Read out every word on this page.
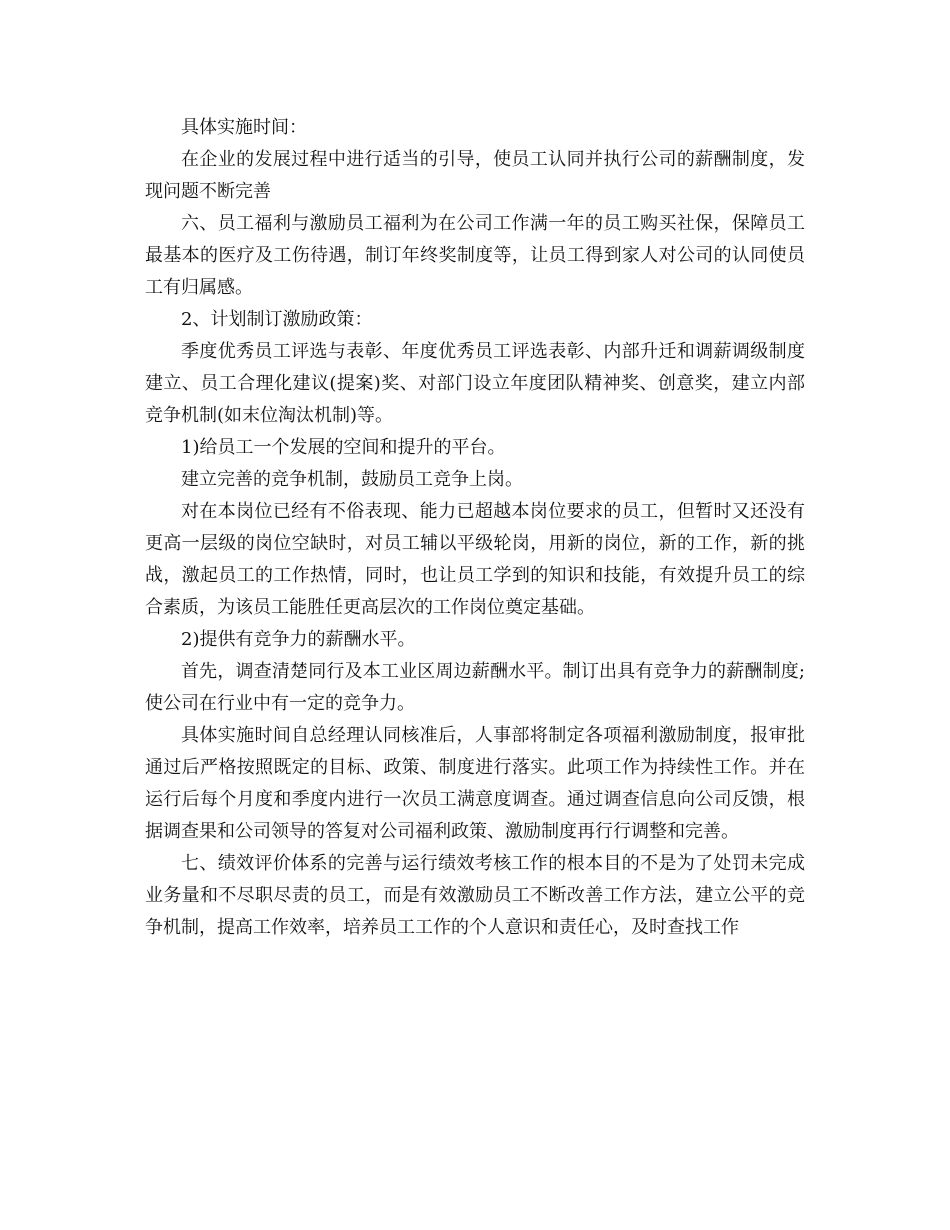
具体实施时间：

在企业的发展过程中进行适当的引导，使员工认同并执行公司的薪酬制度，发现问题不断完善

六、员工福利与激励员工福利为在公司工作满一年的员工购买社保，保障员工最基本的医疗及工伤待遇，制订年终奖制度等，让员工得到家人对公司的认同使员工有归属感。

2、计划制订激励政策：

季度优秀员工评选与表彰、年度优秀员工评选表彰、内部升迁和调薪调级制度建立、员工合理化建议(提案)奖、对部门设立年度团队精神奖、创意奖，建立内部竞争机制(如末位淘汰机制)等。

1)给员工一个发展的空间和提升的平台。

建立完善的竞争机制，鼓励员工竞争上岗。

对在本岗位已经有不俗表现、能力已超越本岗位要求的员工，但暂时又还没有更高一层级的岗位空缺时，对员工辅以平级轮岗，用新的岗位，新的工作，新的挑战，激起员工的工作热情，同时，也让员工学到的知识和技能，有效提升员工的综合素质，为该员工能胜任更高层次的工作岗位奠定基础。

2)提供有竞争力的薪酬水平。

首先，调查清楚同行及本工业区周边薪酬水平。制订出具有竞争力的薪酬制度;使公司在行业中有一定的竞争力。

具体实施时间自总经理认同核准后，人事部将制定各项福利激励制度，报审批通过后严格按照既定的目标、政策、制度进行落实。此项工作为持续性工作。并在运行后每个月度和季度内进行一次员工满意度调查。通过调查信息向公司反馈，根据调查果和公司领导的答复对公司福利政策、激励制度再行行调整和完善。

七、绩效评价体系的完善与运行绩效考核工作的根本目的不是为了处罚未完成业务量和不尽职尽责的员工，而是有效激励员工不断改善工作方法，建立公平的竞争机制，提高工作效率，培养员工工作的个人意识和责任心，及时查找工作
